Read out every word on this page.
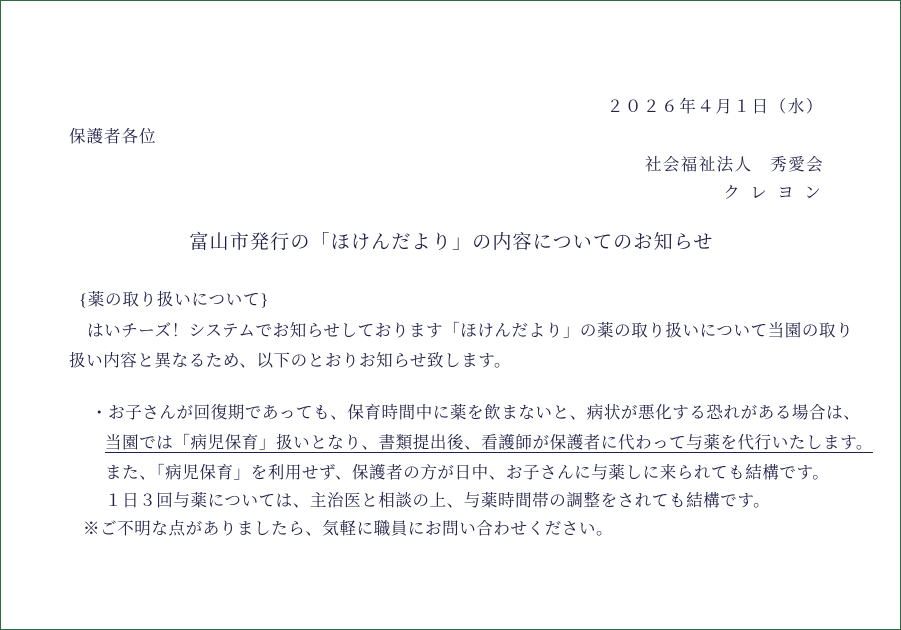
２０２６年４月１日（水）
保護者各位
社会福祉法人　秀愛会
ク レ ヨ ン
富山市発行の「ほけんだより」の内容についてのお知らせ
{薬の取り扱いについて}
はいチーズ！システムでお知らせしております「ほけんだより」の薬の取り扱いについて当園の取り
扱い内容と異なるため、以下のとおりお知らせ致します。
・お子さんが回復期であっても、保育時間中に薬を飲まないと、病状が悪化する恐れがある場合は、
当園では「病児保育」扱いとなり、書類提出後、看護師が保護者に代わって与薬を代行いたします。
また、「病児保育」を利用せず、保護者の方が日中、お子さんに与薬しに来られても結構です。
１日３回与薬については、主治医と相談の上、与薬時間帯の調整をされても結構です。
※ご不明な点がありましたら、気軽に職員にお問い合わせください。
